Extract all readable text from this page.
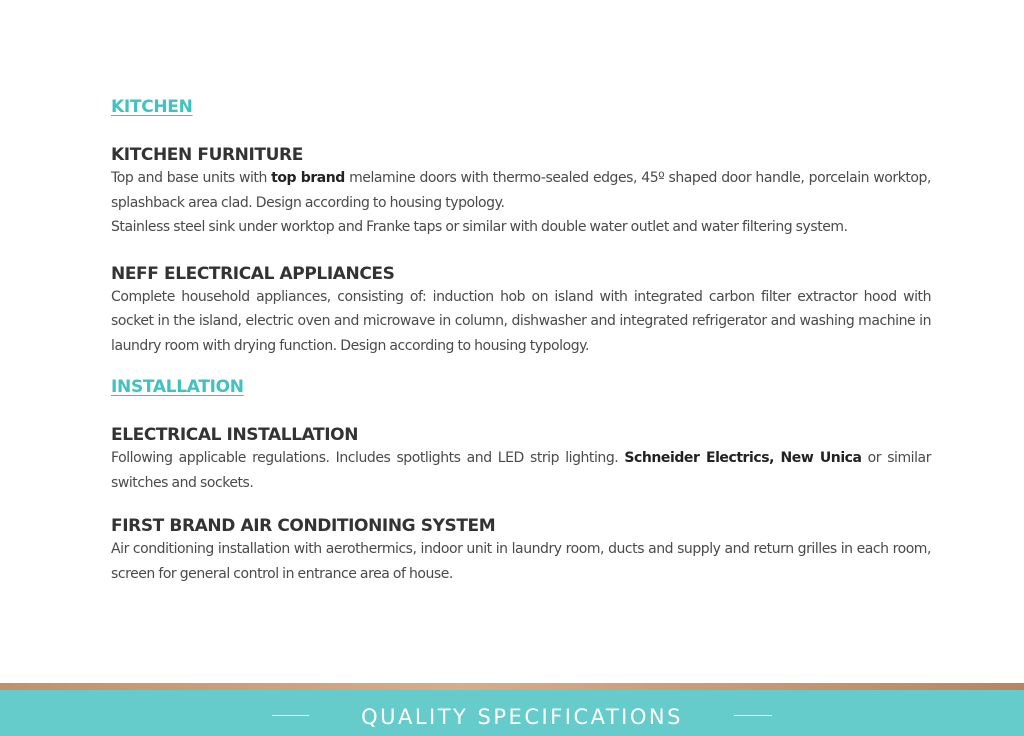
KITCHEN
KITCHEN FURNITURE

Top and base units with top brand melamine doors with thermo-sealed edges, 45º shaped door handle, porcelain worktop, splashback area clad. Design according to housing typology.

Stainless steel sink under worktop and Franke taps or similar with double water outlet and water filtering system.

NEFF ELECTRICAL APPLIANCES

Complete household appliances, consisting of: induction hob on island with integrated carbon filter extractor hood with socket in the island, electric oven and microwave in column, dishwasher and integrated refrigerator and washing machine in laundry room with drying function. Design according to housing typology.

INSTALLATION
ELECTRICAL INSTALLATION

Following applicable regulations. Includes spotlights and LED strip lighting. Schneider Electrics, New Unica or similar switches and sockets.

FIRST BRAND AIR CONDITIONING SYSTEM

Air conditioning installation with aerothermics, indoor unit in laundry room, ducts and supply and return grilles in each room, screen for general control in entrance area of house.

QUALITY SPECIFICATIONS
